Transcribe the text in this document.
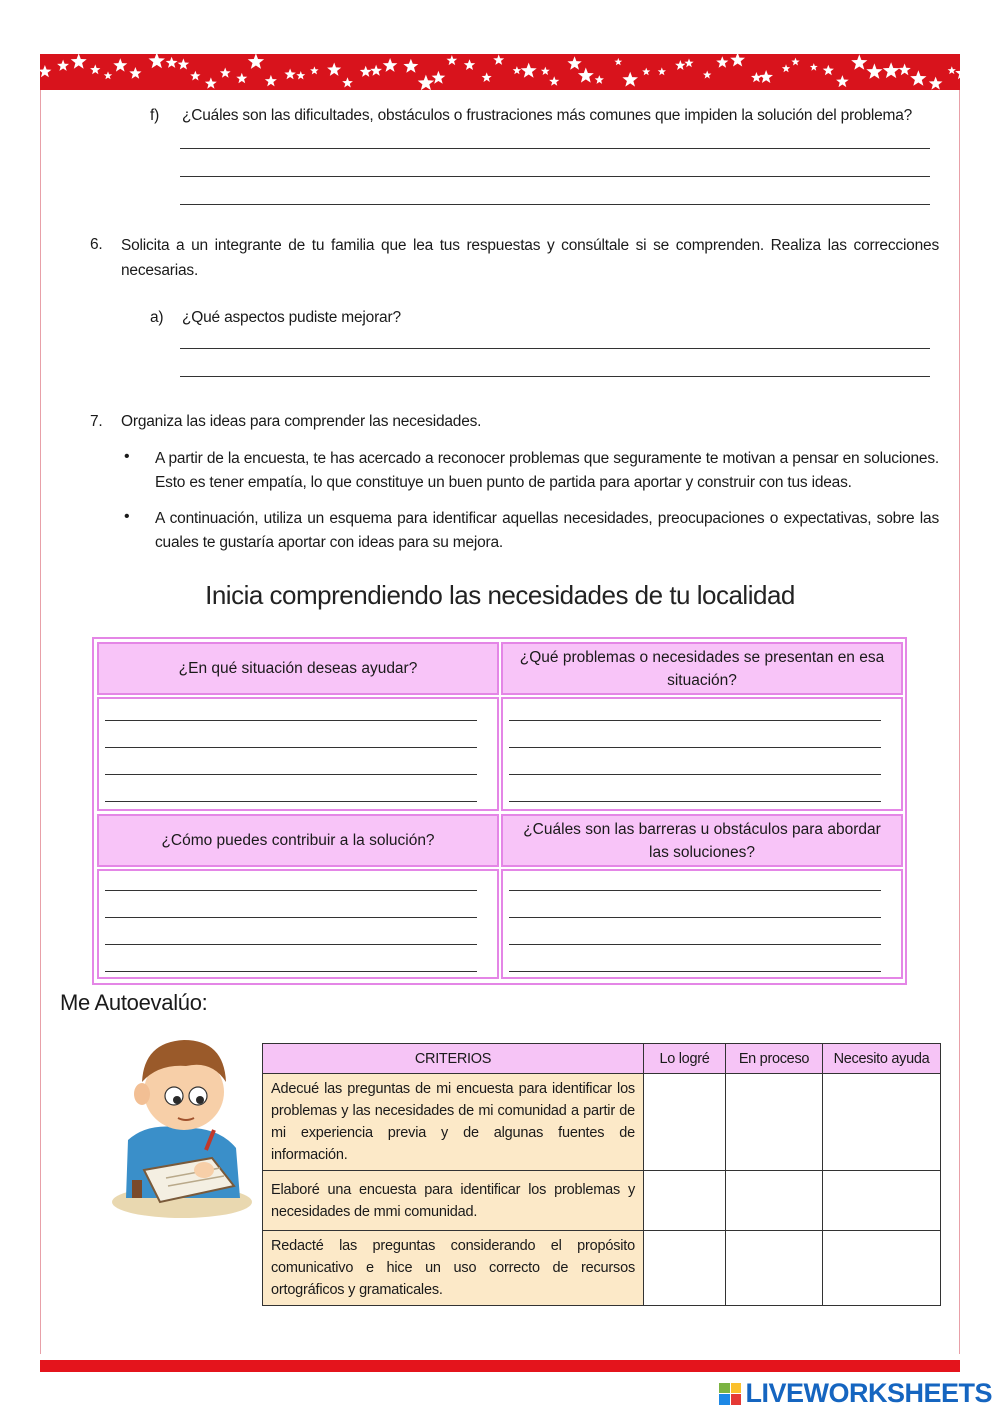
f) ¿Cuáles son las dificultades, obstáculos o frustraciones más comunes que impiden la solución del problema?
6. Solicita a un integrante de tu familia que lea tus respuestas y consúltale si se comprenden. Realiza las correcciones necesarias.
a) ¿Qué aspectos pudiste mejorar?
7. Organiza las ideas para comprender las necesidades.
• A partir de la encuesta, te has acercado a reconocer problemas que seguramente te motivan a pensar en soluciones. Esto es tener empatía, lo que constituye un buen punto de partida para aportar y construir con tus ideas.
• A continuación, utiliza un esquema para identificar aquellas necesidades, preocupaciones o expectativas, sobre las cuales te gustaría aportar con ideas para su mejora.
Inicia comprendiendo las necesidades de tu localidad
¿En qué situación deseas ayudar?
¿Qué problemas o necesidades se presentan en esa situación?
¿Cómo puedes contribuir a la solución?
¿Cuáles son las barreras u obstáculos para abordar las soluciones?
Me Autoevalúo:
CRITERIOS	Lo logré	En proceso	Necesito ayuda
Adecué las preguntas de mi encuesta para identificar los problemas y las necesidades de mi comunidad a partir de mi experiencia previa y de algunas fuentes de información.			
Elaboré una encuesta para identificar los problemas y necesidades de mmi comunidad.			
Redacté las preguntas considerando el propósito comunicativo e hice un uso correcto de recursos ortográficos y gramaticales.			
LIVEWORKSHEETS
